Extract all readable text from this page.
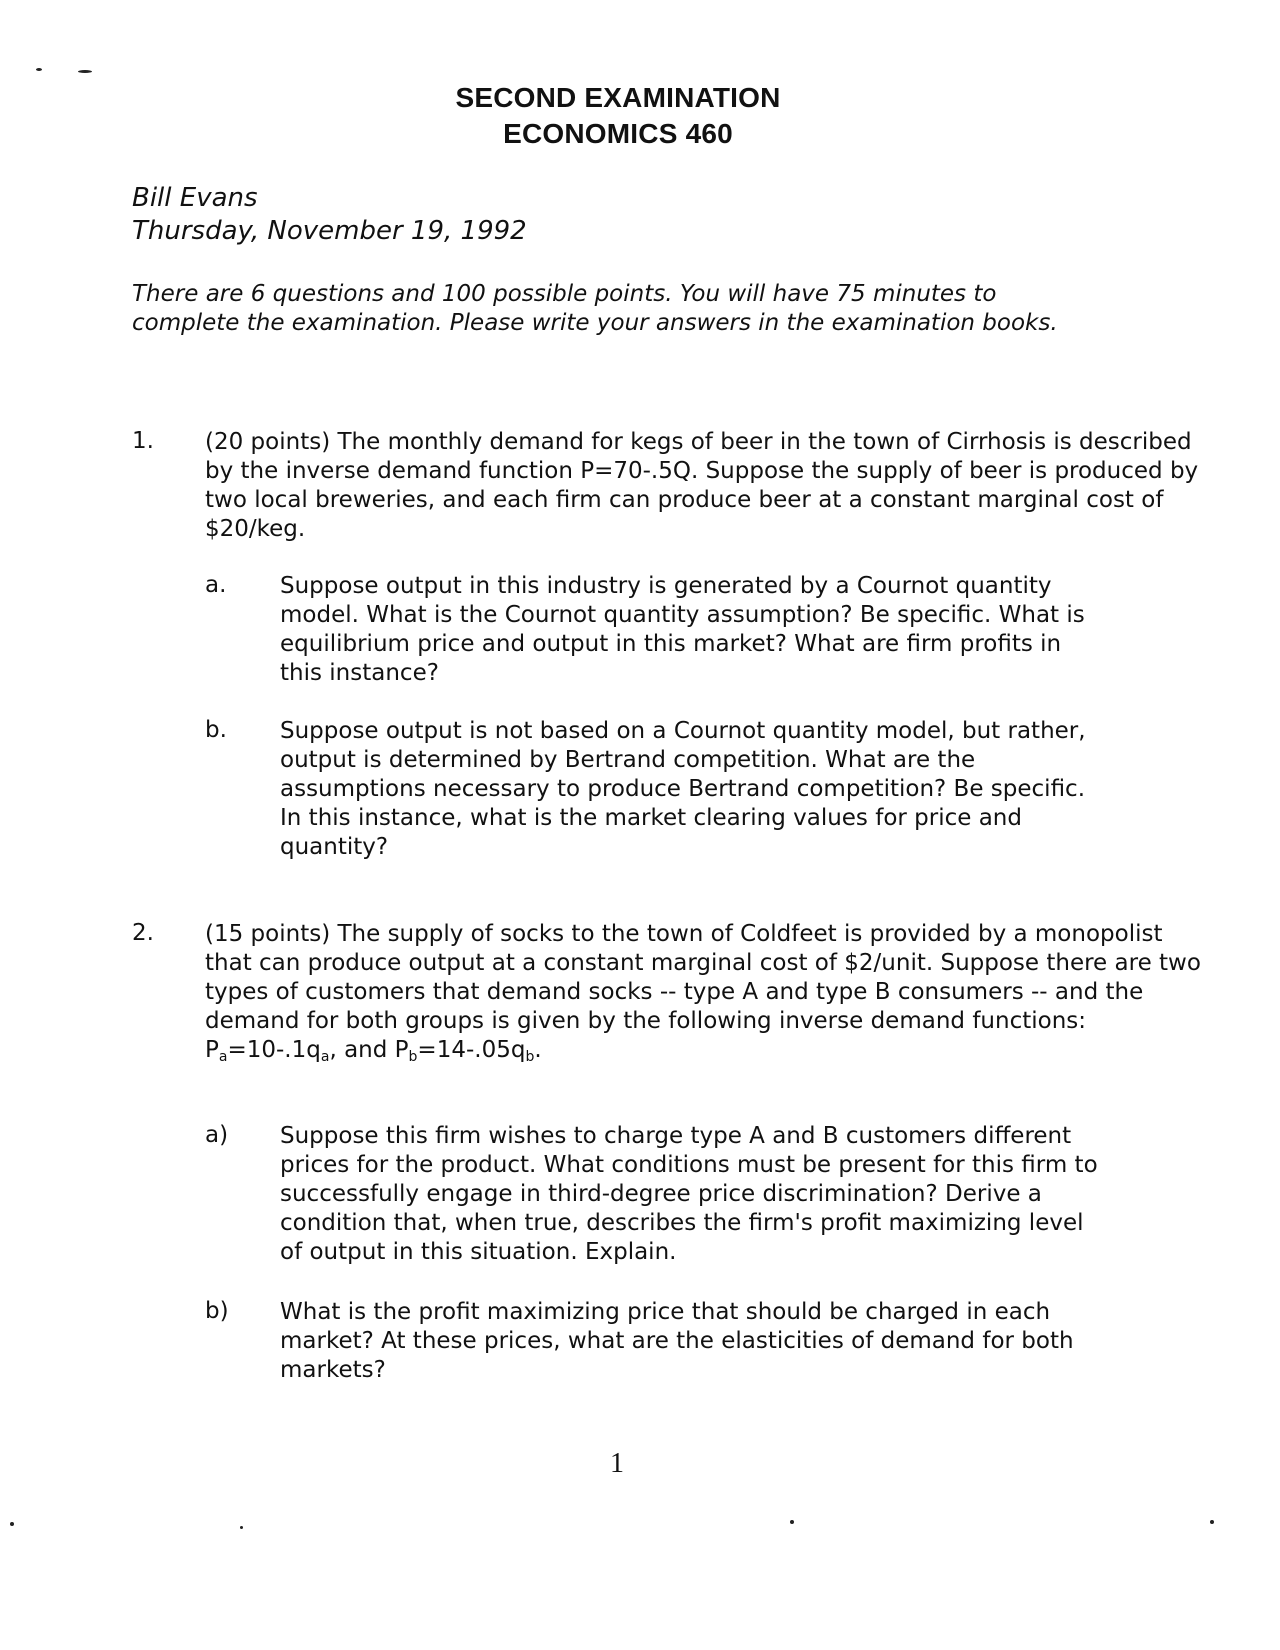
SECOND EXAMINATION
ECONOMICS 460
Bill Evans
Thursday, November 19, 1992
There are 6 questions and 100 possible points. You will have 75 minutes to complete the examination. Please write your answers in the examination books.
1. (20 points) The monthly demand for kegs of beer in the town of Cirrhosis is described by the inverse demand function P=70-.5Q. Suppose the supply of beer is produced by two local breweries, and each firm can produce beer at a constant marginal cost of $20/keg.
a. Suppose output in this industry is generated by a Cournot quantity model. What is the Cournot quantity assumption? Be specific. What is equilibrium price and output in this market? What are firm profits in this instance?
b. Suppose output is not based on a Cournot quantity model, but rather, output is determined by Bertrand competition. What are the assumptions necessary to produce Bertrand competition? Be specific. In this instance, what is the market clearing values for price and quantity?
2. (15 points) The supply of socks to the town of Coldfeet is provided by a monopolist that can produce output at a constant marginal cost of $2/unit. Suppose there are two types of customers that demand socks -- type A and type B consumers -- and the demand for both groups is given by the following inverse demand functions: $P_a=10-.1q_a$, and $P_b=14-.05q_b$.
a) Suppose this firm wishes to charge type A and B customers different prices for the product. What conditions must be present for this firm to successfully engage in third-degree price discrimination? Derive a condition that, when true, describes the firm's profit maximizing level of output in this situation. Explain.
b) What is the profit maximizing price that should be charged in each market? At these prices, what are the elasticities of demand for both markets?
1
